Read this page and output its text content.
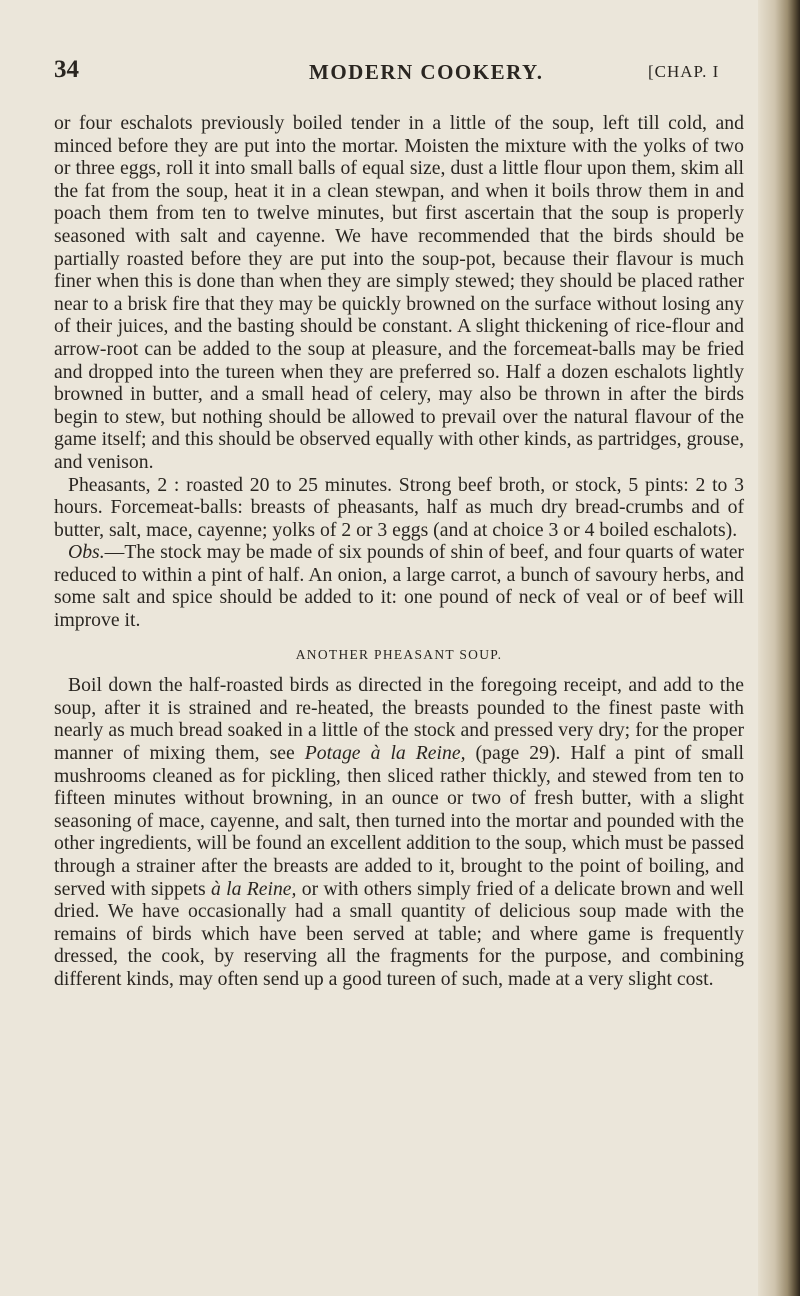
34	MODERN COOKERY.	[CHAP. I

or four eschalots previously boiled tender in a little of the soup, left till cold, and minced before they are put into the mortar. Moisten the mixture with the yolks of two or three eggs, roll it into small balls of equal size, dust a little flour upon them, skim all the fat from the soup, heat it in a clean stewpan, and when it boils throw them in and poach them from ten to twelve minutes, but first ascertain that the soup is properly seasoned with salt and cayenne. We have recommended that the birds should be partially roasted before they are put into the soup-pot, because their flavour is much finer when this is done than when they are simply stewed; they should be placed rather near to a brisk fire that they may be quickly browned on the surface without losing any of their juices, and the basting should be constant. A slight thickening of rice-flour and arrow-root can be added to the soup at pleasure, and the forcemeat-balls may be fried and dropped into the tureen when they are preferred so. Half a dozen eschalots lightly browned in butter, and a small head of celery, may also be thrown in after the birds begin to stew, but nothing should be allowed to prevail over the natural flavour of the game itself; and this should be observed equally with other kinds, as partridges, grouse, and venison.

Pheasants, 2 : roasted 20 to 25 minutes. Strong beef broth, or stock, 5 pints: 2 to 3 hours. Forcemeat-balls: breasts of pheasants, half as much dry bread-crumbs and of butter, salt, mace, cayenne; yolks of 2 or 3 eggs (and at choice 3 or 4 boiled eschalots).

Obs.—The stock may be made of six pounds of shin of beef, and four quarts of water reduced to within a pint of half. An onion, a large carrot, a bunch of savoury herbs, and some salt and spice should be added to it: one pound of neck of veal or of beef will improve it.

ANOTHER PHEASANT SOUP.

Boil down the half-roasted birds as directed in the foregoing receipt, and add to the soup, after it is strained and re-heated, the breasts pounded to the finest paste with nearly as much bread soaked in a little of the stock and pressed very dry; for the proper manner of mixing them, see Potage à la Reine, (page 29). Half a pint of small mushrooms cleaned as for pickling, then sliced rather thickly, and stewed from ten to fifteen minutes without browning, in an ounce or two of fresh butter, with a slight seasoning of mace, cayenne, and salt, then turned into the mortar and pounded with the other ingredients, will be found an excellent addition to the soup, which must be passed through a strainer after the breasts are added to it, brought to the point of boiling, and served with sippets à la Reine, or with others simply fried of a delicate brown and well dried. We have occasionally had a small quantity of delicious soup made with the remains of birds which have been served at table; and where game is frequently dressed, the cook, by reserving all the fragments for the purpose, and combining different kinds, may often send up a good tureen of such, made at a very slight cost.
